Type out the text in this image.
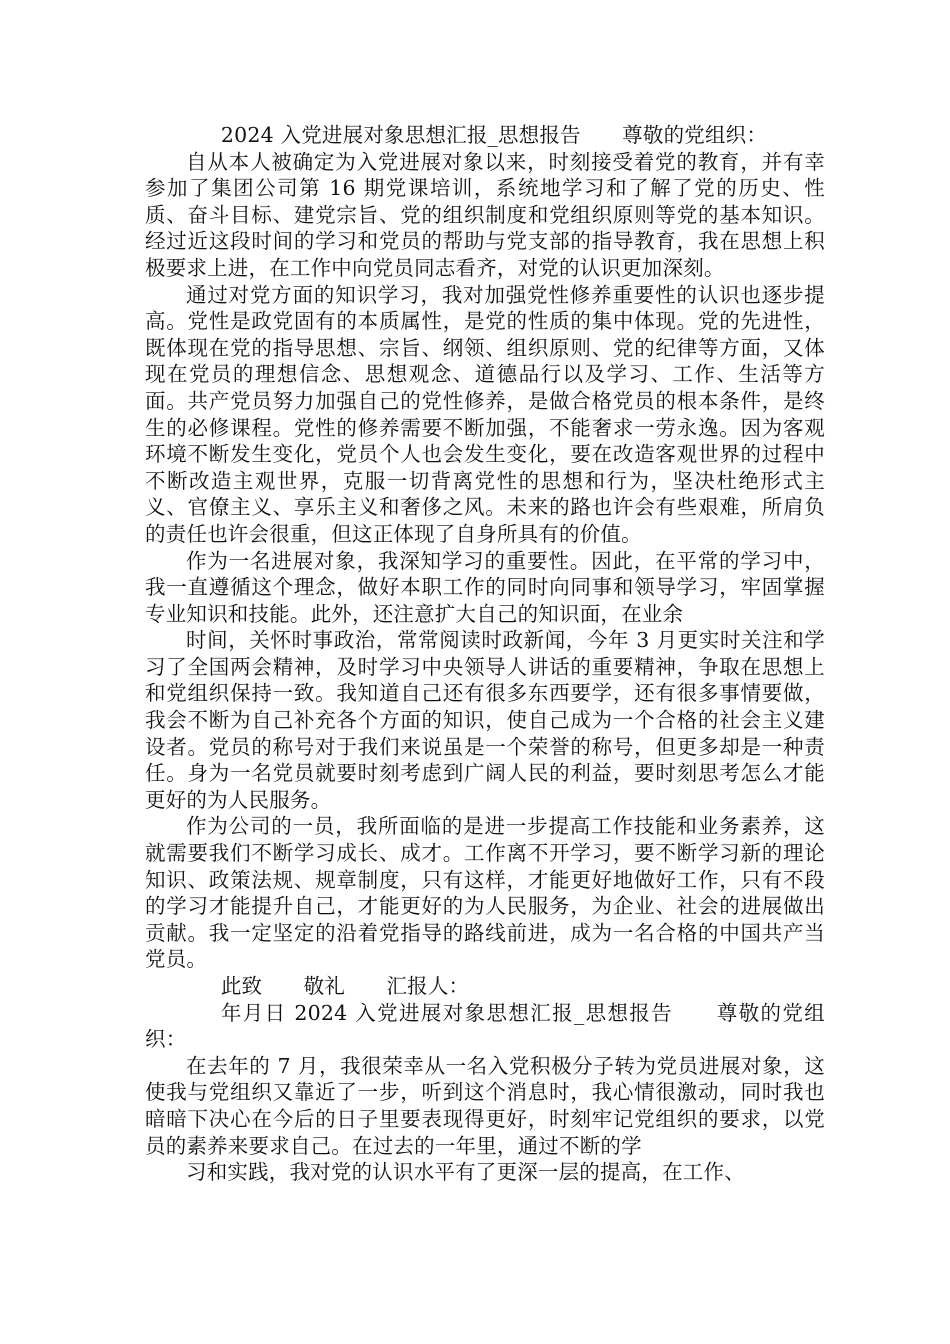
2024 入党进展对象思想汇报_思想报告　　尊敬的党组织：

自从本人被确定为入党进展对象以来，时刻接受着党的教育，并有幸参加了集团公司第 16 期党课培训，系统地学习和了解了党的历史、性质、奋斗目标、建党宗旨、党的组织制度和党组织原则等党的基本知识。经过近这段时间的学习和党员的帮助与党支部的指导教育，我在思想上积极要求上进，在工作中向党员同志看齐，对党的认识更加深刻。

通过对党方面的知识学习，我对加强党性修养重要性的认识也逐步提高。党性是政党固有的本质属性，是党的性质的集中体现。党的先进性，既体现在党的指导思想、宗旨、纲领、组织原则、党的纪律等方面，又体现在党员的理想信念、思想观念、道德品行以及学习、工作、生活等方面。共产党员努力加强自己的党性修养，是做合格党员的根本条件，是终生的必修课程。党性的修养需要不断加强，不能奢求一劳永逸。因为客观环境不断发生变化，党员个人也会发生变化，要在改造客观世界的过程中不断改造主观世界，克服一切背离党性的思想和行为，坚决杜绝形式主义、官僚主义、享乐主义和奢侈之风。未来的路也许会有些艰难，所肩负的责任也许会很重，但这正体现了自身所具有的价值。

作为一名进展对象，我深知学习的重要性。因此，在平常的学习中，我一直遵循这个理念，做好本职工作的同时向同事和领导学习，牢固掌握专业知识和技能。此外，还注意扩大自己的知识面，在业余

时间，关怀时事政治，常常阅读时政新闻，今年 3 月更实时关注和学习了全国两会精神，及时学习中央领导人讲话的重要精神，争取在思想上和党组织保持一致。我知道自己还有很多东西要学，还有很多事情要做，我会不断为自己补充各个方面的知识，使自己成为一个合格的社会主义建设者。党员的称号对于我们来说虽是一个荣誉的称号，但更多却是一种责任。身为一名党员就要时刻考虑到广阔人民的利益，要时刻思考怎么才能更好的为人民服务。

作为公司的一员，我所面临的是进一步提高工作技能和业务素养，这就需要我们不断学习成长、成才。工作离不开学习，要不断学习新的理论知识、政策法规、规章制度，只有这样，才能更好地做好工作，只有不段的学习才能提升自己，才能更好的为人民服务，为企业、社会的进展做出贡献。我一定坚定的沿着党指导的路线前进，成为一名合格的中国共产当党员。

此致　　敬礼　　汇报人：

年月日 2024 入党进展对象思想汇报_思想报告　　尊敬的党组织：

在去年的 7 月，我很荣幸从一名入党积极分子转为党员进展对象，这使我与党组织又靠近了一步，听到这个消息时，我心情很激动，同时我也暗暗下决心在今后的日子里要表现得更好，时刻牢记党组织的要求，以党员的素养来要求自己。在过去的一年里，通过不断的学

习和实践，我对党的认识水平有了更深一层的提高，在工作、
